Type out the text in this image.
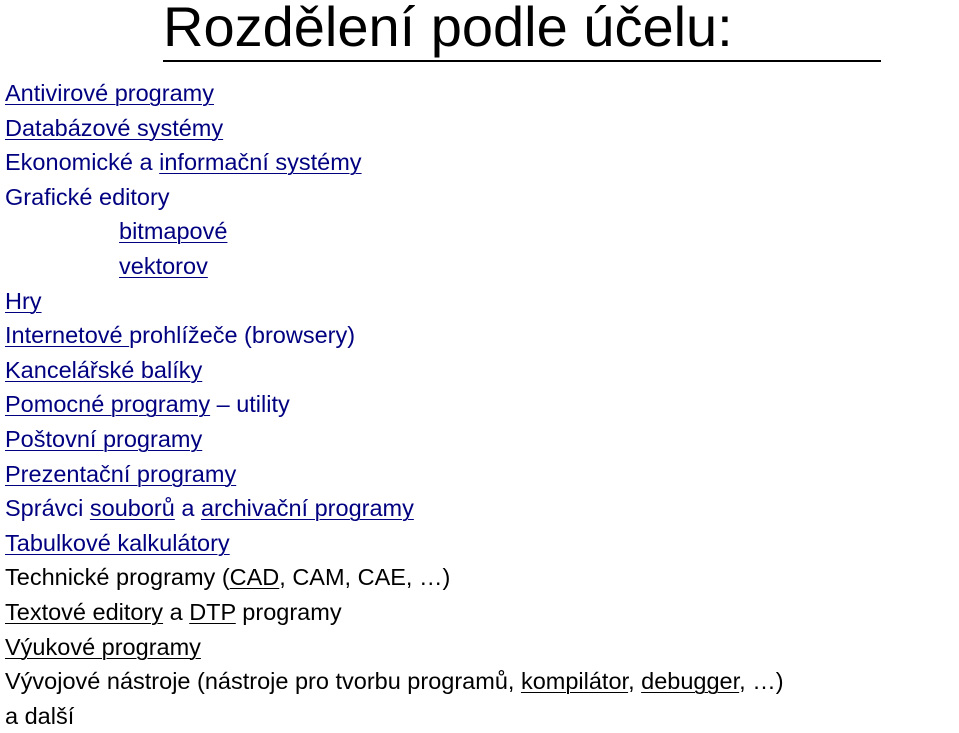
Rozdělení podle účelu:
Antivirové programy
Databázové systémy
Ekonomické a informační systémy
Grafické editory
bitmapové
vektorov
Hry
Internetové prohlížeče (browsery)
Kancelářské balíky
Pomocné programy – utility
Poštovní programy
Prezentační programy
Správci souborů a archivační programy
Tabulkové kalkulátory
Technické programy (CAD, CAM, CAE, …)
Textové editory a DTP programy
Výukové programy
Vývojové nástroje (nástroje pro tvorbu programů, kompilátor, debugger, …)
a další
